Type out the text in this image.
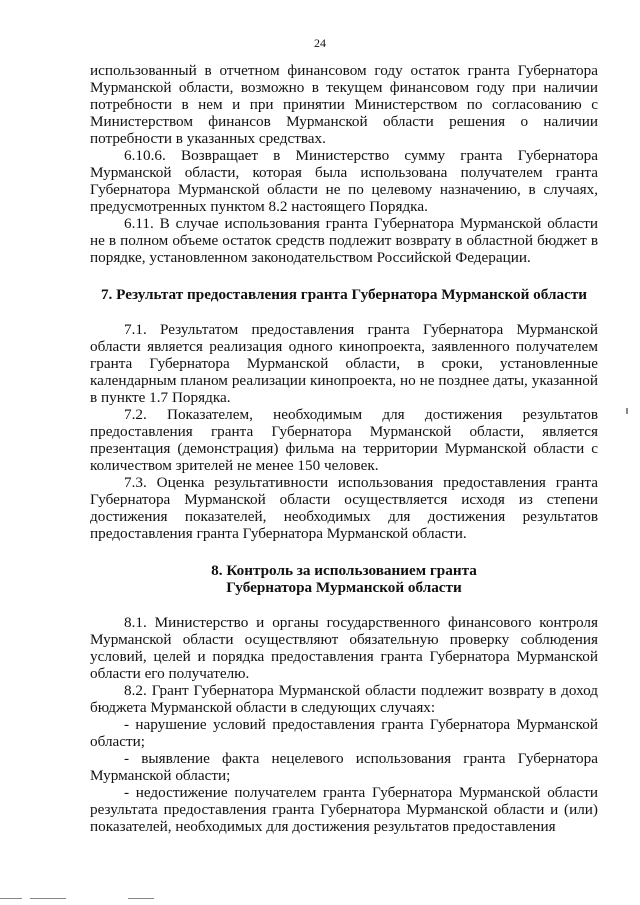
24

использованный в отчетном финансовом году остаток гранта Губернатора Мурманской области, возможно в текущем финансовом году при наличии потребности в нем и при принятии Министерством по согласованию с Министерством финансов Мурманской области решения о наличии потребности в указанных средствах.

6.10.6. Возвращает в Министерство сумму гранта Губернатора Мурманской области, которая была использована получателем гранта Губернатора Мурманской области не по целевому назначению, в случаях, предусмотренных пунктом 8.2 настоящего Порядка.

6.11. В случае использования гранта Губернатора Мурманской области не в полном объеме остаток средств подлежит возврату в областной бюджет в порядке, установленном законодательством Российской Федерации.

7. Результат предоставления гранта Губернатора Мурманской области

7.1. Результатом предоставления гранта Губернатора Мурманской области является реализация одного кинопроекта, заявленного получателем гранта Губернатора Мурманской области, в сроки, установленные календарным планом реализации кинопроекта, но не позднее даты, указанной в пункте 1.7 Порядка.

7.2. Показателем, необходимым для достижения результатов предоставления гранта Губернатора Мурманской области, является презентация (демонстрация) фильма на территории Мурманской области с количеством зрителей не менее 150 человек.

7.3. Оценка результативности использования предоставления гранта Губернатора Мурманской области осуществляется исходя из степени достижения показателей, необходимых для достижения результатов предоставления гранта Губернатора Мурманской области.

8. Контроль за использованием гранта
Губернатора Мурманской области

8.1. Министерство и органы государственного финансового контроля Мурманской области осуществляют обязательную проверку соблюдения условий, целей и порядка предоставления гранта Губернатора Мурманской области его получателю.

8.2. Грант Губернатора Мурманской области подлежит возврату в доход бюджета Мурманской области в следующих случаях:

- нарушение условий предоставления гранта Губернатора Мурманской области;

- выявление факта нецелевого использования гранта Губернатора Мурманской области;

- недостижение получателем гранта Губернатора Мурманской области результата предоставления гранта Губернатора Мурманской области и (или) показателей, необходимых для достижения результатов предоставления
